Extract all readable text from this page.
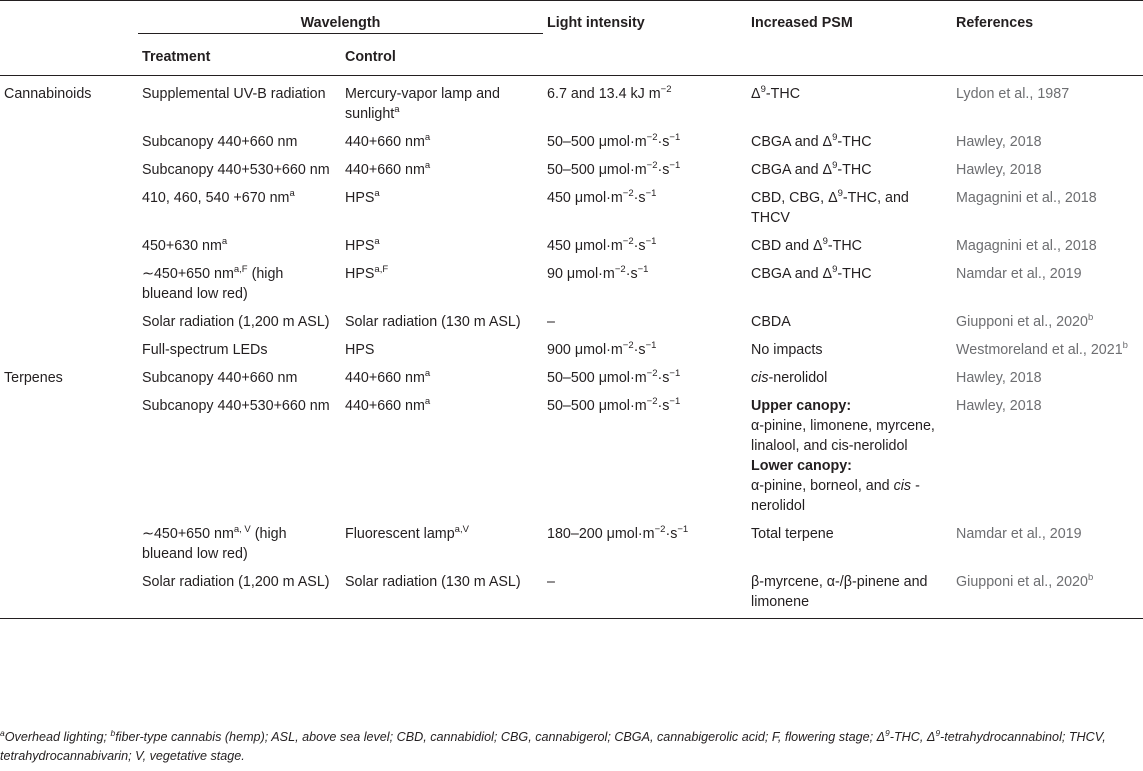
	Wavelength		Light intensity	Increased PSM	References
	Treatment	Control			
Cannabinoids	Supplemental UV-B radiation	Mercury-vapor lamp and sunlight$^a$	6.7 and 13.4 kJ $m^{-2}$	$\Delta^9$-THC	Lydon et al., 1987
	Subcanopy 440+660 nm	440+660 $nm^a$	50–500 $\mu mol\cdot m^{-2}\cdot s^{-1}$	CBGA and $\Delta^9$-THC	Hawley, 2018
	Subcanopy 440+530+660 nm	440+660 $nm^a$	50–500 $\mu mol\cdot m^{-2}\cdot s^{-1}$	CBGA and $\Delta^9$-THC	Hawley, 2018
	410, 460, 540 +670 $nm^a$	HPS$^a$	450 $\mu mol\cdot m^{-2}\cdot s^{-1}$	CBD, CBG, $\Delta^9$-THC, and THCV	Magagnini et al., 2018
	450+630 $nm^a$	HPS$^a$	450 $\mu mol\cdot m^{-2}\cdot s^{-1}$	CBD and $\Delta^9$-THC	Magagnini et al., 2018
	∼450+650 $nm^{a,F}$ (high blueand low red)	$HPS^{a,F}$	90 $\mu mol\cdot m^{-2}\cdot s^{-1}$	CBGA and $\Delta^9$-THC	Namdar et al., 2019
	Solar radiation (1,200 m ASL)	Solar radiation (130 m ASL)	–	CBDA	Giupponi et al., 2020$^b$
	Full-spectrum LEDs	HPS	900 $\mu mol\cdot m^{-2}\cdot s^{-1}$	No impacts	Westmoreland et al., 2021$^b$
Terpenes	Subcanopy 440+660 nm	440+660 $nm^a$	50–500 $\mu mol\cdot m^{-2}\cdot s^{-1}$	cis-nerolidol	Hawley, 2018
	Subcanopy 440+530+660 nm	440+660 $nm^a$	50–500 $\mu mol\cdot m^{-2}\cdot s^{-1}$	Upper canopy:
α-pinine, limonene, myrcene, linalool, and cis-nerolidol
Lower canopy:
α-pinine, borneol, and cis -nerolidol	Hawley, 2018
	∼450+650 $nm^{a, V}$ (high blueand low red)	Fluorescent lamp$^{a,V}$	180–200 $\mu mol\cdot m^{-2}\cdot s^{-1}$	Total terpene	Namdar et al., 2019
	Solar radiation (1,200 m ASL)	Solar radiation (130 m ASL)	–	β-myrcene, α-/β-pinene and limonene	Giupponi et al., 2020$^b$
$^a$Overhead lighting; $^b$fiber-type cannabis (hemp); ASL, above sea level; CBD, cannabidiol; CBG, cannabigerol; CBGA, cannabigerolic acid; F, flowering stage; $\Delta^9$-THC, $\Delta^9$-tetrahydrocannabinol; THCV, tetrahydrocannabivarin; V, vegetative stage.
